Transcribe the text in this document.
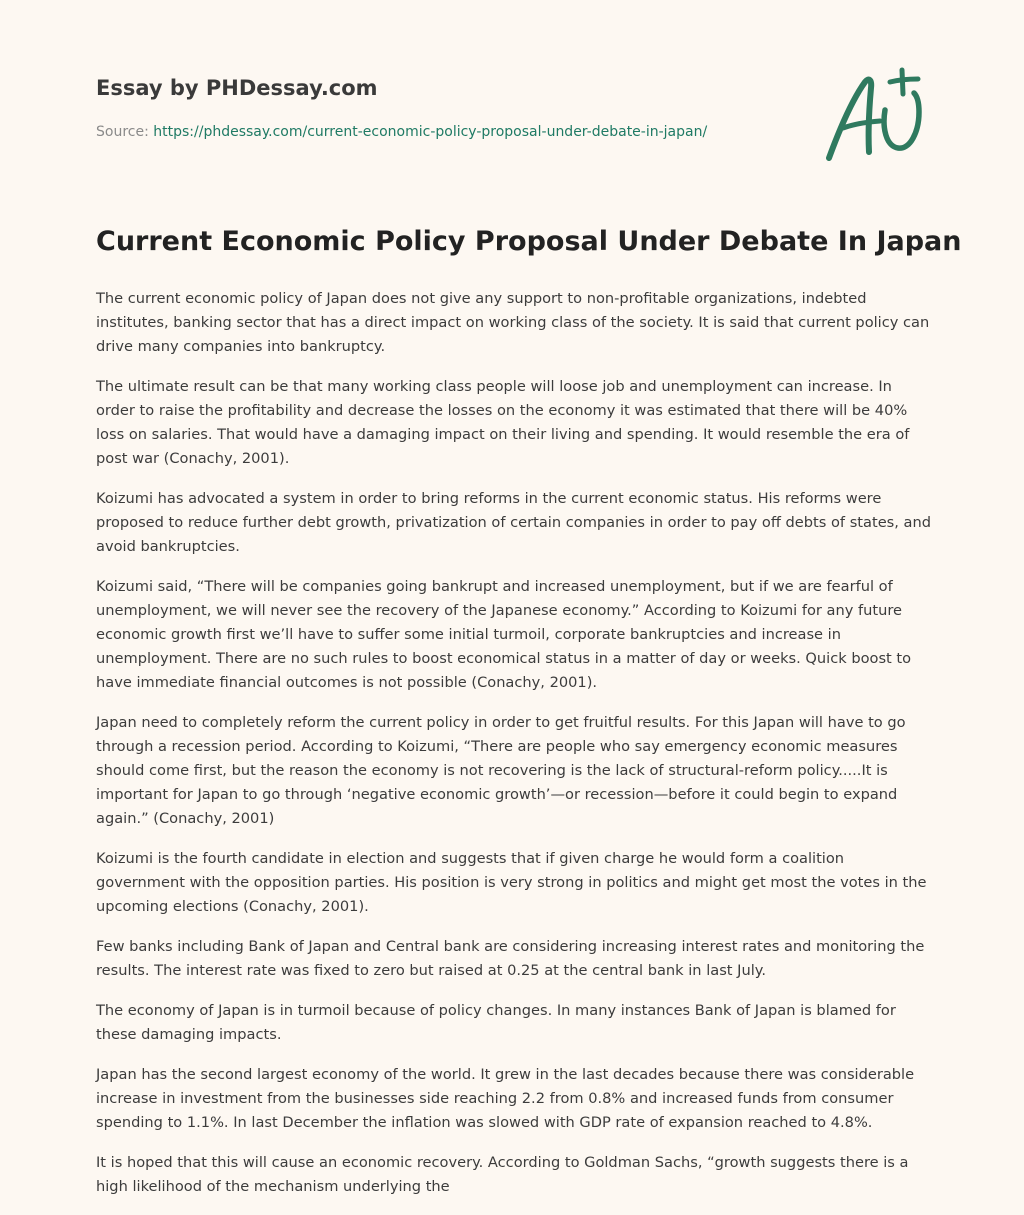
Essay by PHDessay.com
Source: https://phdessay.com/current-economic-policy-proposal-under-debate-in-japan/
Current Economic Policy Proposal Under Debate In Japan

The current economic policy of Japan does not give any support to non-profitable organizations, indebted institutes, banking sector that has a direct impact on working class of the society. It is said that current policy can drive many companies into bankruptcy.

The ultimate result can be that many working class people will loose job and unemployment can increase. In order to raise the profitability and decrease the losses on the economy it was estimated that there will be 40% loss on salaries. That would have a damaging impact on their living and spending. It would resemble the era of post war (Conachy, 2001).

Koizumi has advocated a system in order to bring reforms in the current economic status. His reforms were proposed to reduce further debt growth, privatization of certain companies in order to pay off debts of states, and avoid bankruptcies.

Koizumi said, “There will be companies going bankrupt and increased unemployment, but if we are fearful of unemployment, we will never see the recovery of the Japanese economy.” According to Koizumi for any future economic growth first we’ll have to suffer some initial turmoil, corporate bankruptcies and increase in unemployment. There are no such rules to boost economical status in a matter of day or weeks. Quick boost to have immediate financial outcomes is not possible (Conachy, 2001).

Japan need to completely reform the current policy in order to get fruitful results. For this Japan will have to go through a recession period. According to Koizumi, “There are people who say emergency economic measures should come first, but the reason the economy is not recovering is the lack of structural-reform policy.....It is important for Japan to go through ‘negative economic growth’—or recession—before it could begin to expand again.” (Conachy, 2001)

Koizumi is the fourth candidate in election and suggests that if given charge he would form a coalition government with the opposition parties. His position is very strong in politics and might get most the votes in the upcoming elections (Conachy, 2001).

Few banks including Bank of Japan and Central bank are considering increasing interest rates and monitoring the results. The interest rate was fixed to zero but raised at 0.25 at the central bank in last July.

The economy of Japan is in turmoil because of policy changes. In many instances Bank of Japan is blamed for these damaging impacts.

Japan has the second largest economy of the world. It grew in the last decades because there was considerable increase in investment from the businesses side reaching 2.2 from 0.8% and increased funds from consumer spending to 1.1%. In last December the inflation was slowed with GDP rate of expansion reached to 4.8%.

It is hoped that this will cause an economic recovery. According to Goldman Sachs, “growth suggests there is a high likelihood of the mechanism underlying the
